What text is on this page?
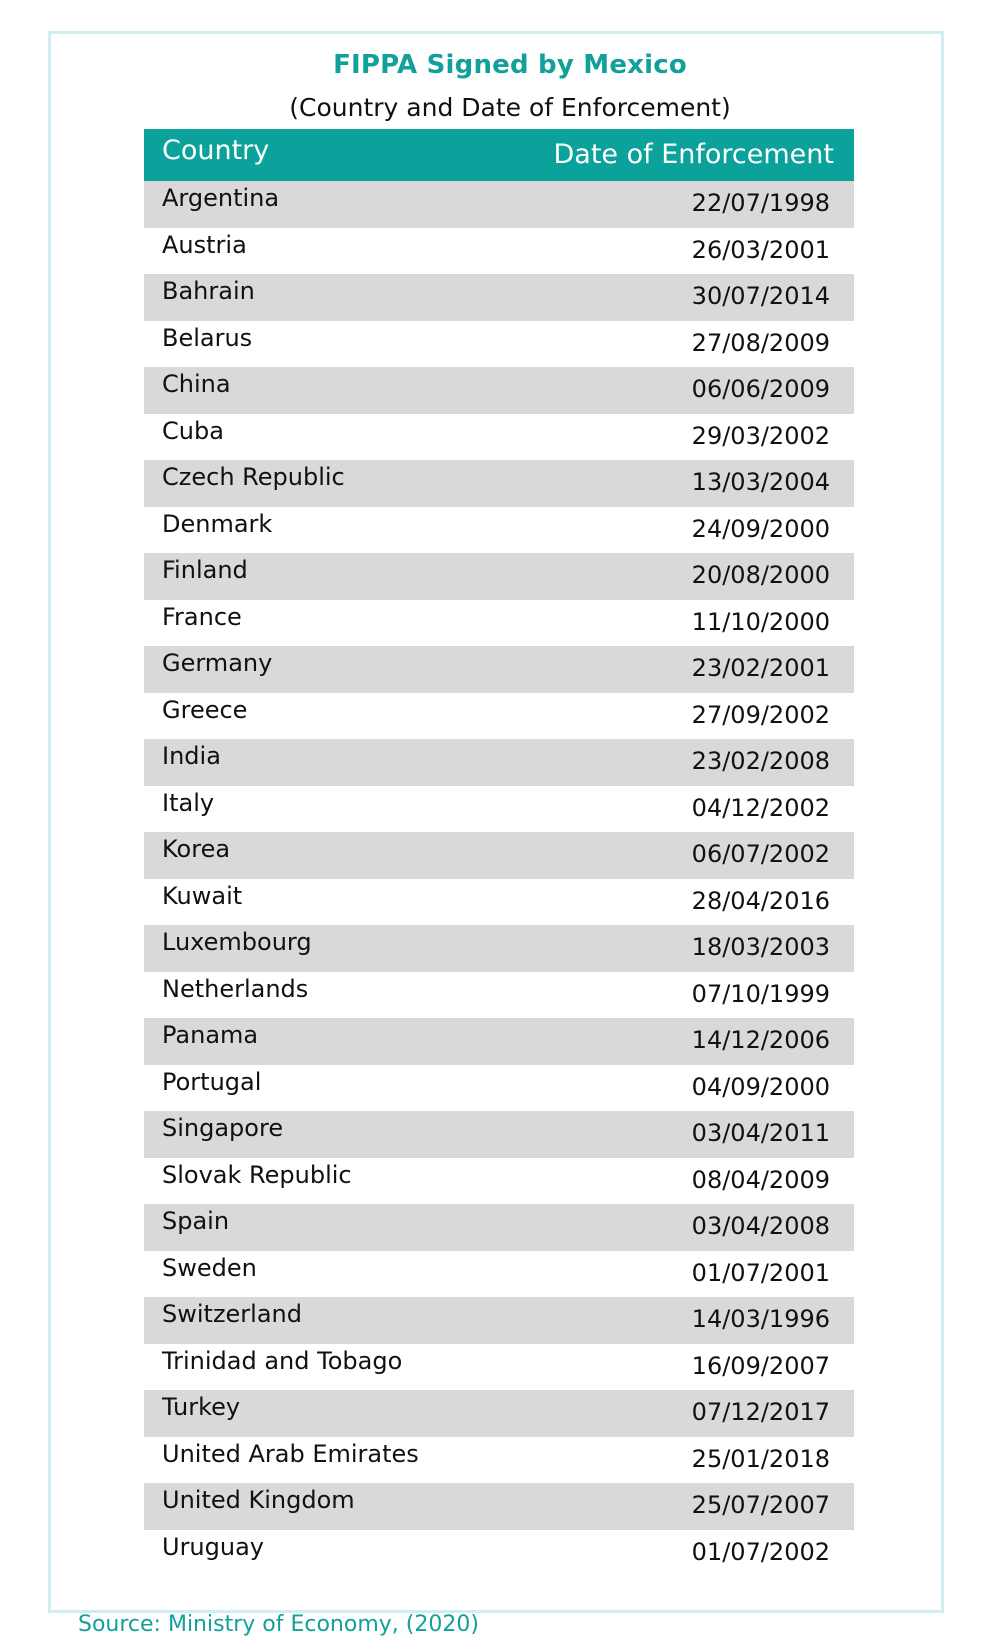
FIPPA Signed by Mexico
(Country and Date of Enforcement)
Country	Date of Enforcement
Argentina	22/07/1998
Austria	26/03/2001
Bahrain	30/07/2014
Belarus	27/08/2009
China	06/06/2009
Cuba	29/03/2002
Czech Republic	13/03/2004
Denmark	24/09/2000
Finland	20/08/2000
France	11/10/2000
Germany	23/02/2001
Greece	27/09/2002
India	23/02/2008
Italy	04/12/2002
Korea	06/07/2002
Kuwait	28/04/2016
Luxembourg	18/03/2003
Netherlands	07/10/1999
Panama	14/12/2006
Portugal	04/09/2000
Singapore	03/04/2011
Slovak Republic	08/04/2009
Spain	03/04/2008
Sweden	01/07/2001
Switzerland	14/03/1996
Trinidad and Tobago	16/09/2007
Turkey	07/12/2017
United Arab Emirates	25/01/2018
United Kingdom	25/07/2007
Uruguay	01/07/2002
Source: Ministry of Economy, (2020)
